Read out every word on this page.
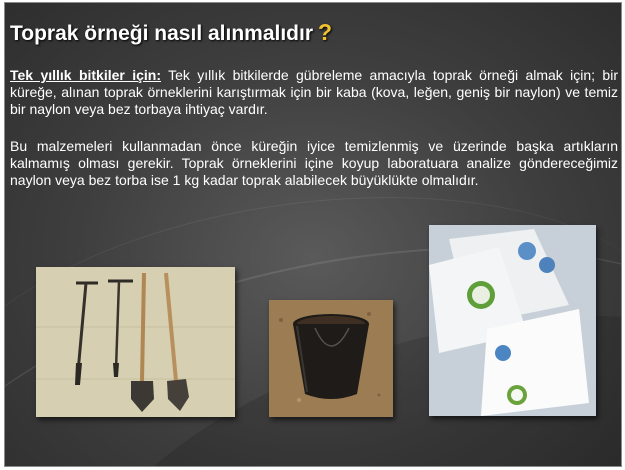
Toprak örneği nasıl alınmalıdır ?

Tek yıllık bitkiler için: Tek yıllık bitkilerde gübreleme amacıyla toprak örneği almak için; bir küreğe, alınan toprak örneklerini karıştırmak için bir kaba (kova, leğen, geniş bir naylon) ve temiz bir naylon veya bez torbaya ihtiyaç vardır.

Bu malzemeleri kullanmadan önce küreğin iyice temizlenmiş ve üzerinde başka artıkların kalmamış olması gerekir. Toprak örneklerini içine koyup laboratuara analize göndereceğimiz naylon veya bez torba ise 1 kg kadar toprak alabilecek büyüklükte olmalıdır.
